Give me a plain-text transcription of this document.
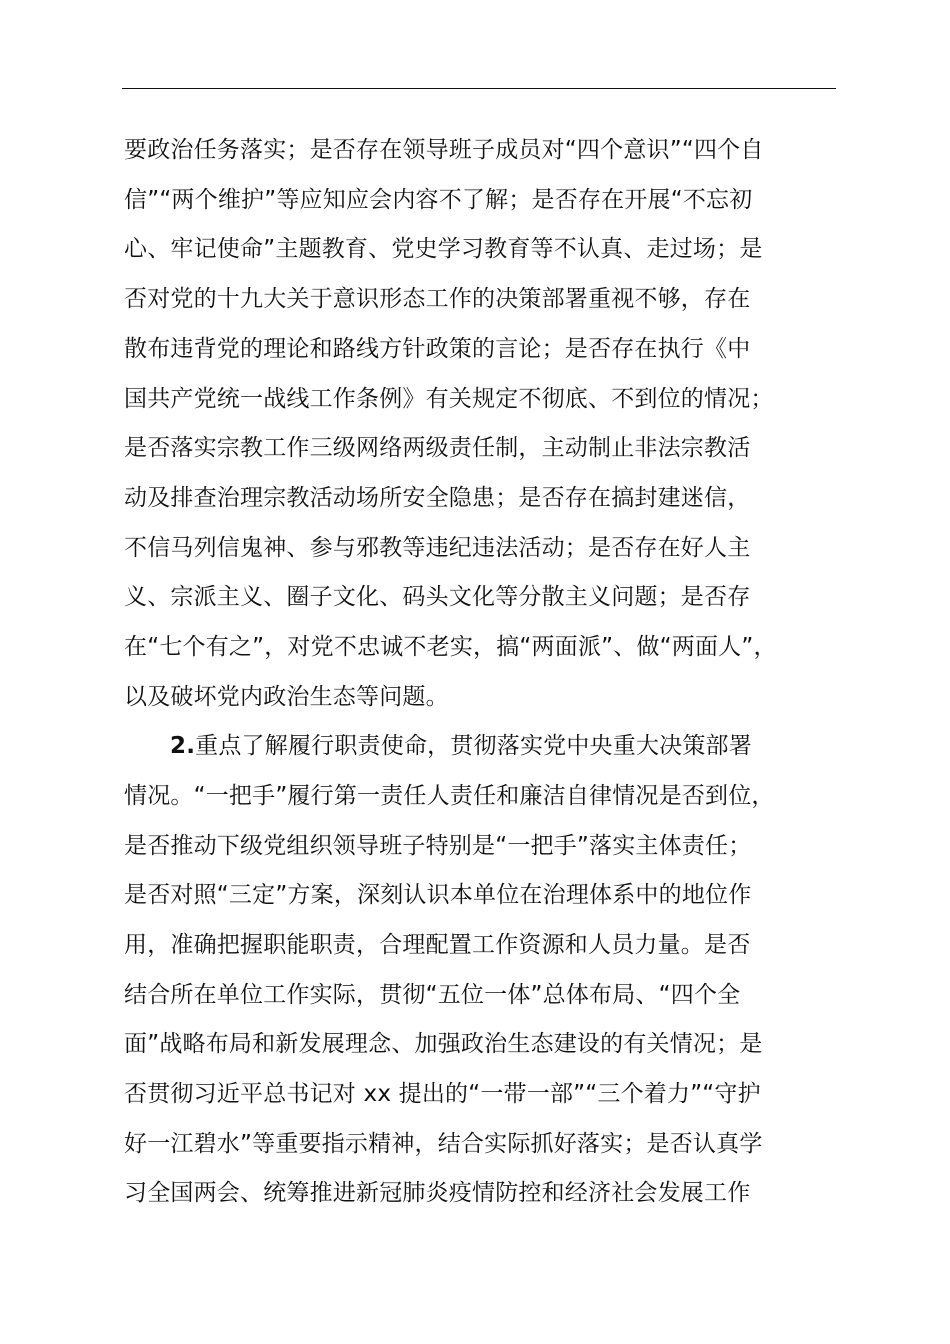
要政治任务落实；是否存在领导班子成员对“四个意识”“四个自
信”“两个维护”等应知应会内容不了解；是否存在开展“不忘初
心、牢记使命”主题教育、党史学习教育等不认真、走过场；是
否对党的十九大关于意识形态工作的决策部署重视不够，存在
散布违背党的理论和路线方针政策的言论；是否存在执行《中
国共产党统一战线工作条例》有关规定不彻底、不到位的情况；
是否落实宗教工作三级网络两级责任制，主动制止非法宗教活
动及排查治理宗教活动场所安全隐患；是否存在搞封建迷信，
不信马列信鬼神、参与邪教等违纪违法活动；是否存在好人主
义、宗派主义、圈子文化、码头文化等分散主义问题；是否存
在“七个有之”，对党不忠诚不老实，搞“两面派”、做“两面人”，
以及破坏党内政治生态等问题。
2.重点了解履行职责使命，贯彻落实党中央重大决策部署
情况。“一把手”履行第一责任人责任和廉洁自律情况是否到位，
是否推动下级党组织领导班子特别是“一把手”落实主体责任；
是否对照“三定”方案，深刻认识本单位在治理体系中的地位作
用，准确把握职能职责，合理配置工作资源和人员力量。是否
结合所在单位工作实际，贯彻“五位一体”总体布局、“四个全
面”战略布局和新发展理念、加强政治生态建设的有关情况；是
否贯彻习近平总书记对 xx 提出的“一带一部”“三个着力”“守护
好一江碧水”等重要指示精神，结合实际抓好落实；是否认真学
习全国两会、统筹推进新冠肺炎疫情防控和经济社会发展工作
